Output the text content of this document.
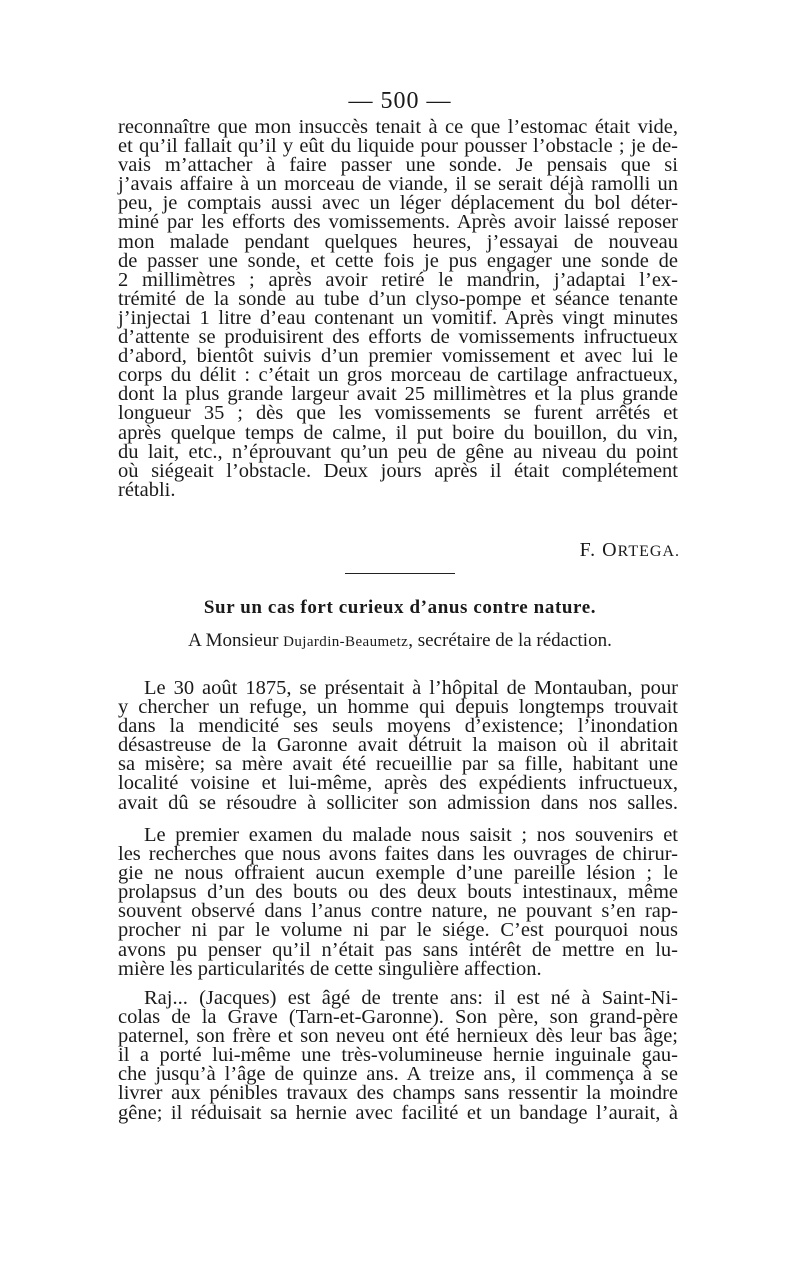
— 500 —
reconnaître que mon insuccès tenait à ce que l’estomac était vide,
et qu’il fallait qu’il y eût du liquide pour pousser l’obstacle ; je de-
vais m’attacher à faire passer une sonde. Je pensais que si
j’avais affaire à un morceau de viande, il se serait déjà ramolli un
peu, je comptais aussi avec un léger déplacement du bol déter-
miné par les efforts des vomissements. Après avoir laissé reposer
mon malade pendant quelques heures, j’essayai de nouveau
de passer une sonde, et cette fois je pus engager une sonde de
2 millimètres ; après avoir retiré le mandrin, j’adaptai l’ex-
trémité de la sonde au tube d’un clyso-pompe et séance tenante
j’injectai 1 litre d’eau contenant un vomitif. Après vingt minutes
d’attente se produisirent des efforts de vomissements infructueux
d’abord, bientôt suivis d’un premier vomissement et avec lui le
corps du délit : c’était un gros morceau de cartilage anfractueux,
dont la plus grande largeur avait 25 millimètres et la plus grande
longueur 35 ; dès que les vomissements se furent arrêtés et
après quelque temps de calme, il put boire du bouillon, du vin,
du lait, etc., n’éprouvant qu’un peu de gêne au niveau du point
où siégeait l’obstacle. Deux jours après il était complétement
rétabli.
F. ORTEGA.
Sur un cas fort curieux d’anus contre nature.
A Monsieur Dujardin-Beaumetz, secrétaire de la rédaction.
Le 30 août 1875, se présentait à l’hôpital de Montauban, pour
y chercher un refuge, un homme qui depuis longtemps trouvait
dans la mendicité ses seuls moyens d’existence; l’inondation
désastreuse de la Garonne avait détruit la maison où il abritait
sa misère; sa mère avait été recueillie par sa fille, habitant une
localité voisine et lui-même, après des expédients infructueux,
avait dû se résoudre à solliciter son admission dans nos salles.
Le premier examen du malade nous saisit ; nos souvenirs et
les recherches que nous avons faites dans les ouvrages de chirur-
gie ne nous offraient aucun exemple d’une pareille lésion ; le
prolapsus d’un des bouts ou des deux bouts intestinaux, même
souvent observé dans l’anus contre nature, ne pouvant s’en rap-
procher ni par le volume ni par le siége. C’est pourquoi nous
avons pu penser qu’il n’était pas sans intérêt de mettre en lu-
mière les particularités de cette singulière affection.
Raj... (Jacques) est âgé de trente ans: il est né à Saint-Ni-
colas de la Grave (Tarn-et-Garonne). Son père, son grand-père
paternel, son frère et son neveu ont été hernieux dès leur bas âge;
il a porté lui-même une très-volumineuse hernie inguinale gau-
che jusqu’à l’âge de quinze ans. A treize ans, il commença à se
livrer aux pénibles travaux des champs sans ressentir la moindre
gêne; il réduisait sa hernie avec facilité et un bandage l’aurait, à
